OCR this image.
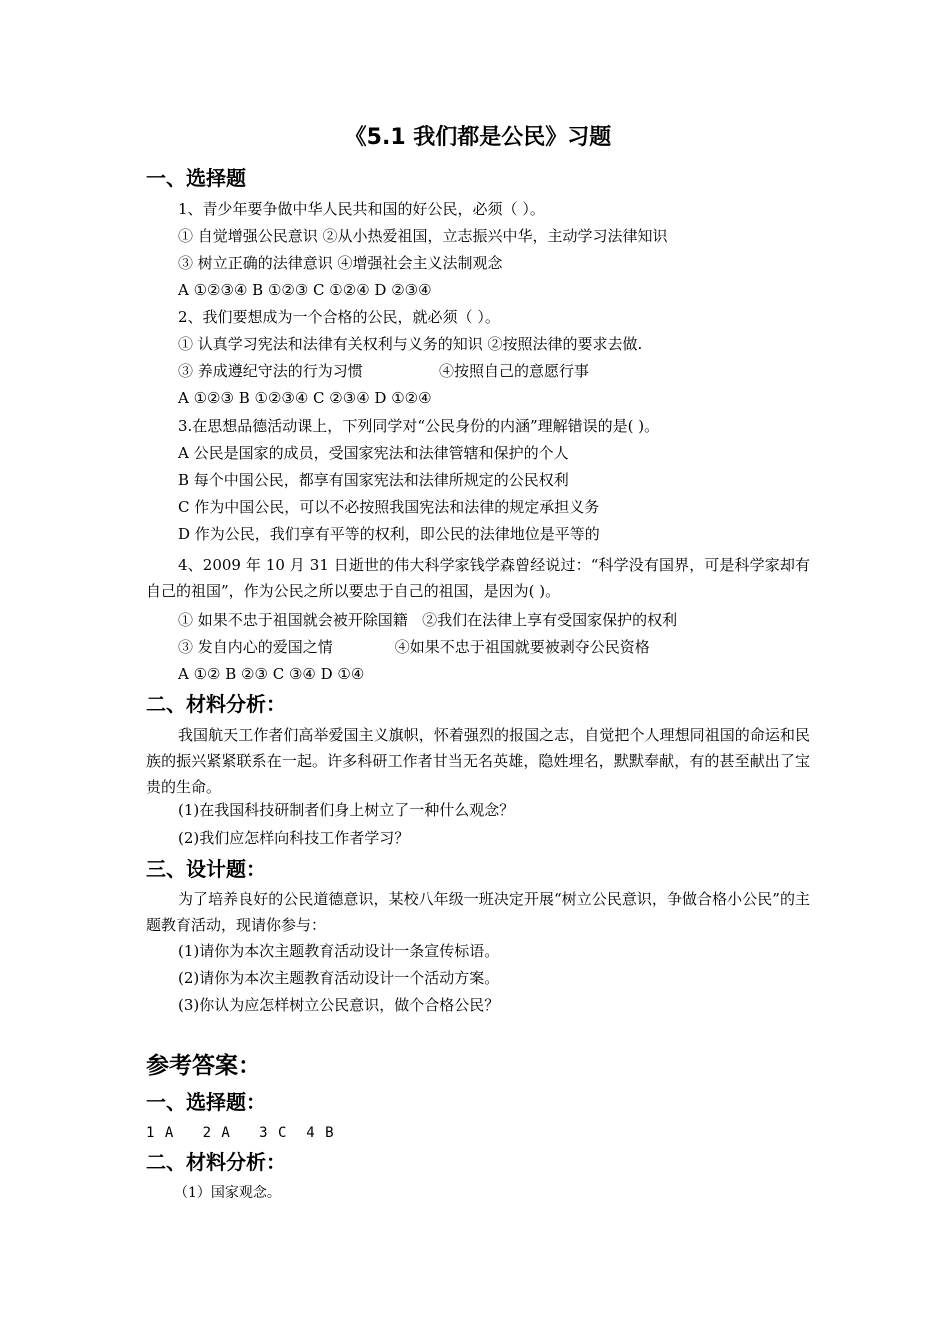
《5.1 我们都是公民》习题
一、选择题
1、青少年要争做中华人民共和国的好公民，必须（ ）。
① 自觉增强公民意识 ②从小热爱祖国，立志振兴中华，主动学习法律知识
③ 树立正确的法律意识 ④增强社会主义法制观念
A ①②③④ B ①②③ C ①②④ D ②③④
2、我们要想成为一个合格的公民，就必须（ ）。
① 认真学习宪法和法律有关权利与义务的知识 ②按照法律的要求去做.
③ 养成遵纪守法的行为习惯                ④按照自己的意愿行事
A ①②③ B ①②③④ C ②③④ D ①②④
3.在思想品德活动课上，下列同学对“公民身份的内涵”理解错误的是( )。
A 公民是国家的成员，受国家宪法和法律管辖和保护的个人
B 每个中国公民，都享有国家宪法和法律所规定的公民权利
C 作为中国公民，可以不必按照我国宪法和法律的规定承担义务
D 作为公民，我们享有平等的权利，即公民的法律地位是平等的
4、2009 年 10 月 31 日逝世的伟大科学家钱学森曾经说过：“科学没有国界，可是科学家却有自己的祖国”，作为公民之所以要忠于自己的祖国，是因为( )。
① 如果不忠于祖国就会被开除国籍   ②我们在法律上享有受国家保护的权利
③ 发自内心的爱国之情             ④如果不忠于祖国就要被剥夺公民资格
A ①② B ②③ C ③④ D ①④
二、材料分析：
我国航天工作者们高举爱国主义旗帜，怀着强烈的报国之志，自觉把个人理想同祖国的命运和民族的振兴紧紧联系在一起。许多科研工作者甘当无名英雄，隐姓埋名，默默奉献，有的甚至献出了宝贵的生命。
(1)在我国科技研制者们身上树立了一种什么观念？
(2)我们应怎样向科技工作者学习？
三、设计题：
为了培养良好的公民道德意识，某校八年级一班决定开展“树立公民意识，争做合格小公民”的主题教育活动，现请你参与：
(1)请你为本次主题教育活动设计一条宣传标语。
(2)请你为本次主题教育活动设计一个活动方案。
(3)你认为应怎样树立公民意识，做个合格公民？
参考答案：
一、选择题：
1 A   2 A   3 C  4 B
二、材料分析：
（1）国家观念。
